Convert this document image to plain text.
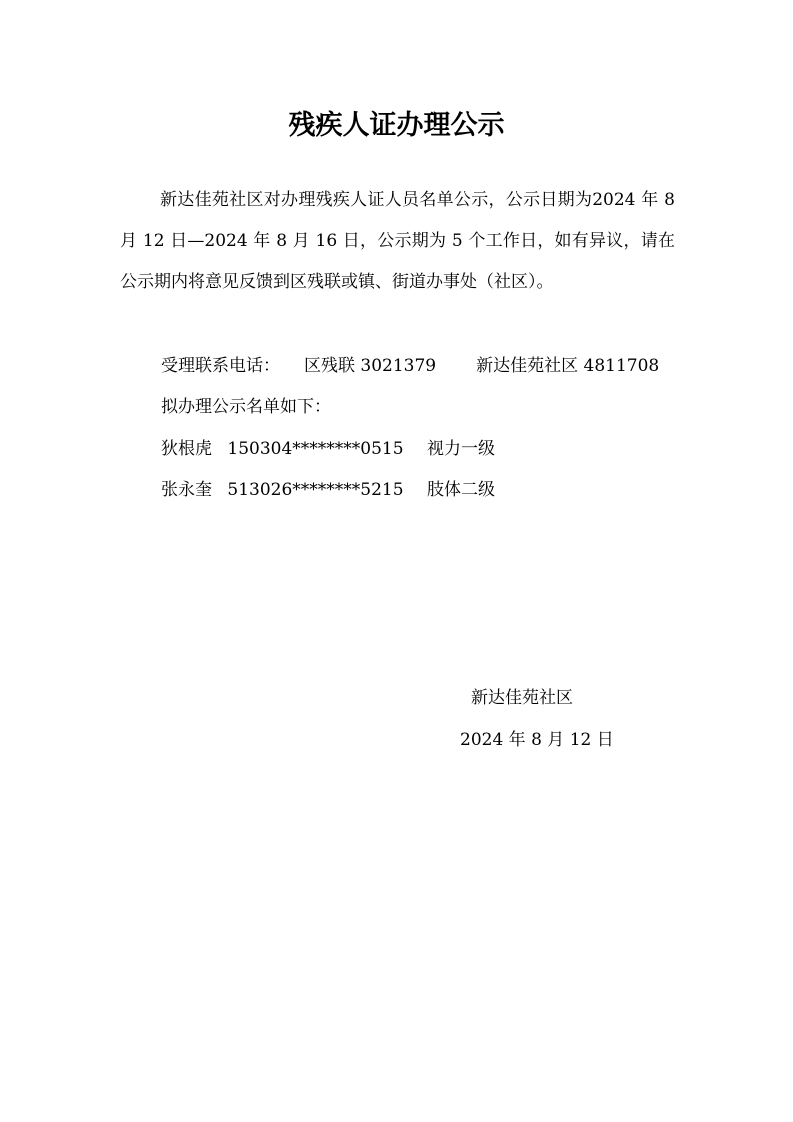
残疾人证办理公示

新达佳苑社区对办理残疾人证人员名单公示，公示日期为2024 年 8 月 12 日—2024 年 8 月 16 日，公示期为 5 个工作日，如有异议，请在公示期内将意见反馈到区残联或镇、街道办事处（社区）。

受理联系电话： 区残联 3021379 新达佳苑社区 4811708
拟办理公示名单如下：
狄根虎 150304********0515 视力一级
张永奎 513026********5215 肢体二级
新达佳苑社区
2024 年 8 月 12 日
